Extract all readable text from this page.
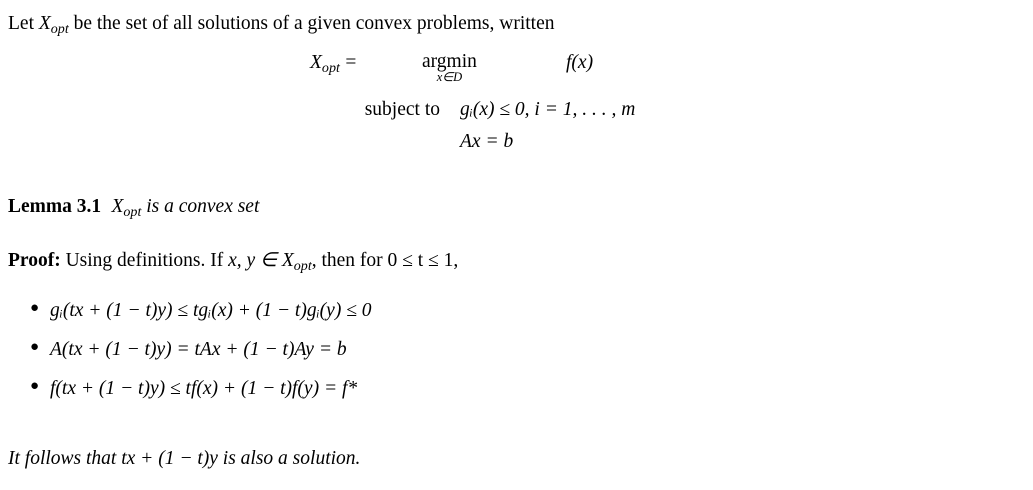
Let $X_{opt}$ be the set of all solutions of a given convex problems, written
$X_{opt}$ =	argmin
x∈D
f(x)
subject to	gᵢ(x) ≤ 0, i = 1, . . . , m
Ax = b
Lemma 3.1 $X_{opt}$ is a convex set
Proof: Using definitions. If x, y ∈ $X_{opt}$, then for 0 ≤ t ≤ 1,
● gᵢ(tx + (1 − t)y) ≤ tgᵢ(x) + (1 − t)gᵢ(y) ≤ 0
● A(tx + (1 − t)y) = tAx + (1 − t)Ay = b
● f(tx + (1 − t)y) ≤ tf(x) + (1 − t)f(y) = f*
It follows that tx + (1 − t)y is also a solution.
